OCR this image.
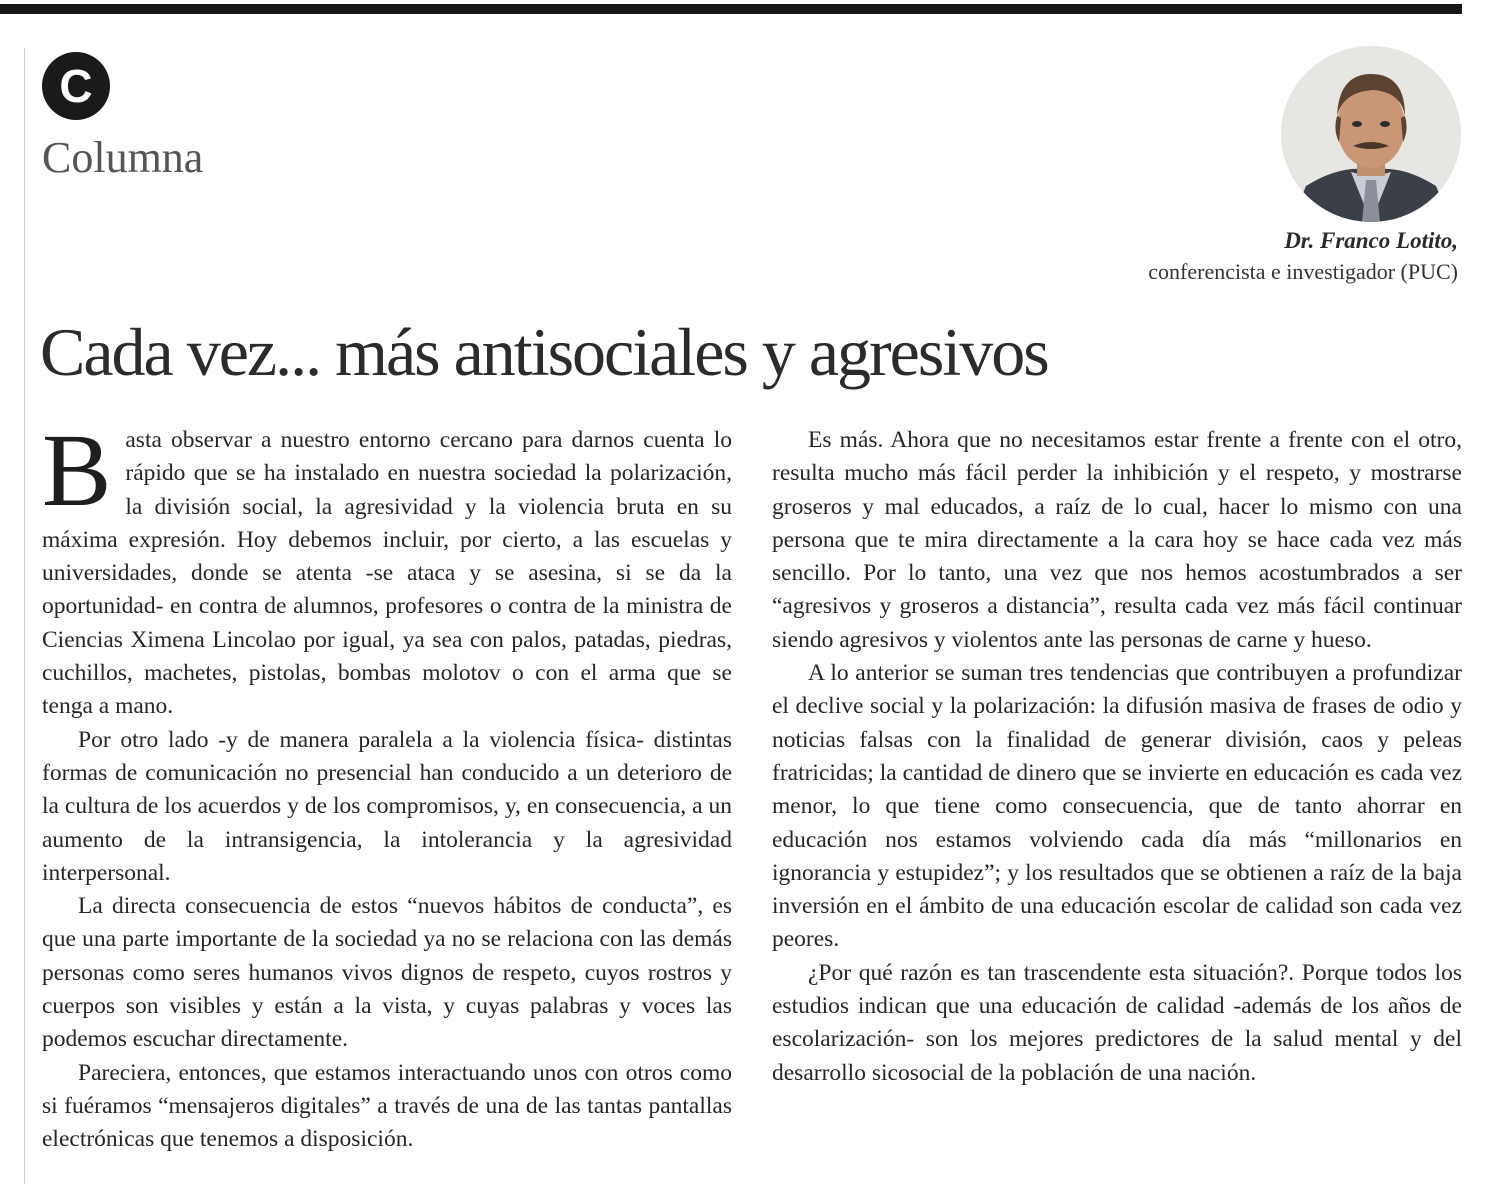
C
Columna
Dr. Franco Lotito,
conferencista e investigador (PUC)
Cada vez... más antisociales y agresivos

Basta observar a nuestro entorno cercano para darnos cuenta lo rápido que se ha instalado en nuestra sociedad la polarización, la división social, la agresividad y la violencia bruta en su máxima expresión. Hoy debemos incluir, por cierto, a las escuelas y universidades, donde se atenta -se ataca y se asesina, si se da la oportunidad- en contra de alumnos, profesores o contra de la ministra de Ciencias Ximena Lincolao por igual, ya sea con palos, patadas, piedras, cuchillos, machetes, pistolas, bombas molotov o con el arma que se tenga a mano.

Por otro lado -y de manera paralela a la violencia física- distintas formas de comunicación no presencial han conducido a un deterioro de la cultura de los acuerdos y de los compromisos, y, en consecuencia, a un aumento de la intransigencia, la intolerancia y la agresividad interpersonal.

La directa consecuencia de estos “nuevos hábitos de conducta”, es que una parte importante de la sociedad ya no se relaciona con las demás personas como seres humanos vivos dignos de respeto, cuyos rostros y cuerpos son visibles y están a la vista, y cuyas palabras y voces las podemos escuchar directamente.

Pareciera, entonces, que estamos interactuando unos con otros como si fuéramos “mensajeros digitales” a través de una de las tantas pantallas electrónicas que tenemos a disposición.

Es más. Ahora que no necesitamos estar frente a frente con el otro, resulta mucho más fácil perder la inhibición y el respeto, y mostrarse groseros y mal educados, a raíz de lo cual, hacer lo mismo con una persona que te mira directamente a la cara hoy se hace cada vez más sencillo. Por lo tanto, una vez que nos hemos acostumbrados a ser “agresivos y groseros a distancia”, resulta cada vez más fácil continuar siendo agresivos y violentos ante las personas de carne y hueso.

A lo anterior se suman tres tendencias que contribuyen a profundizar el declive social y la polarización: la difusión masiva de frases de odio y noticias falsas con la finalidad de generar división, caos y peleas fratricidas; la cantidad de dinero que se invierte en educación es cada vez menor, lo que tiene como consecuencia, que de tanto ahorrar en educación nos estamos volviendo cada día más “millonarios en ignorancia y estupidez”; y los resultados que se obtienen a raíz de la baja inversión en el ámbito de una educación escolar de calidad son cada vez peores.

¿Por qué razón es tan trascendente esta situación?. Porque todos los estudios indican que una educación de calidad -además de los años de escolarización- son los mejores predictores de la salud mental y del desarrollo sicosocial de la población de una nación.
